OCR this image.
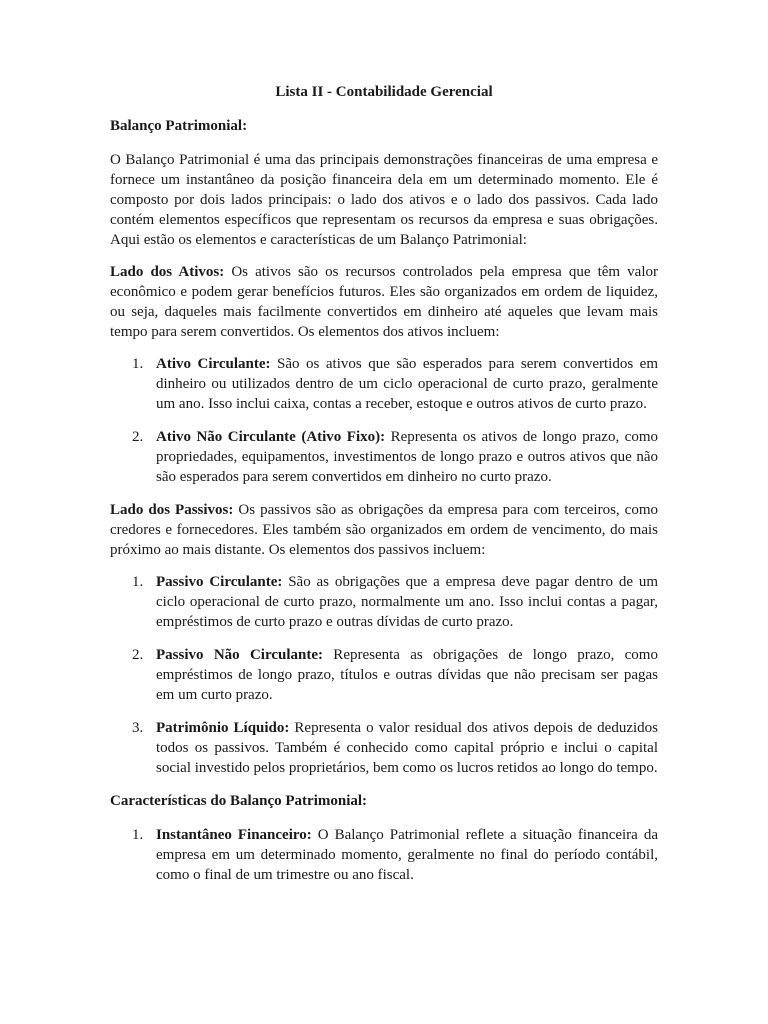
Lista II - Contabilidade Gerencial
Balanço Patrimonial:

O Balanço Patrimonial é uma das principais demonstrações financeiras de uma empresa e fornece um instantâneo da posição financeira dela em um determinado momento. Ele é composto por dois lados principais: o lado dos ativos e o lado dos passivos. Cada lado contém elementos específicos que representam os recursos da empresa e suas obrigações. Aqui estão os elementos e características de um Balanço Patrimonial:

Lado dos Ativos: Os ativos são os recursos controlados pela empresa que têm valor econômico e podem gerar benefícios futuros. Eles são organizados em ordem de liquidez, ou seja, daqueles mais facilmente convertidos em dinheiro até aqueles que levam mais tempo para serem convertidos. Os elementos dos ativos incluem:

1. Ativo Circulante: São os ativos que são esperados para serem convertidos em dinheiro ou utilizados dentro de um ciclo operacional de curto prazo, geralmente um ano. Isso inclui caixa, contas a receber, estoque e outros ativos de curto prazo.
2. Ativo Não Circulante (Ativo Fixo): Representa os ativos de longo prazo, como propriedades, equipamentos, investimentos de longo prazo e outros ativos que não são esperados para serem convertidos em dinheiro no curto prazo.

Lado dos Passivos: Os passivos são as obrigações da empresa para com terceiros, como credores e fornecedores. Eles também são organizados em ordem de vencimento, do mais próximo ao mais distante. Os elementos dos passivos incluem:

1. Passivo Circulante: São as obrigações que a empresa deve pagar dentro de um ciclo operacional de curto prazo, normalmente um ano. Isso inclui contas a pagar, empréstimos de curto prazo e outras dívidas de curto prazo.
2. Passivo Não Circulante: Representa as obrigações de longo prazo, como empréstimos de longo prazo, títulos e outras dívidas que não precisam ser pagas em um curto prazo.
3. Patrimônio Líquido: Representa o valor residual dos ativos depois de deduzidos todos os passivos. Também é conhecido como capital próprio e inclui o capital social investido pelos proprietários, bem como os lucros retidos ao longo do tempo.
Características do Balanço Patrimonial:
1. Instantâneo Financeiro: O Balanço Patrimonial reflete a situação financeira da empresa em um determinado momento, geralmente no final do período contábil, como o final de um trimestre ou ano fiscal.
